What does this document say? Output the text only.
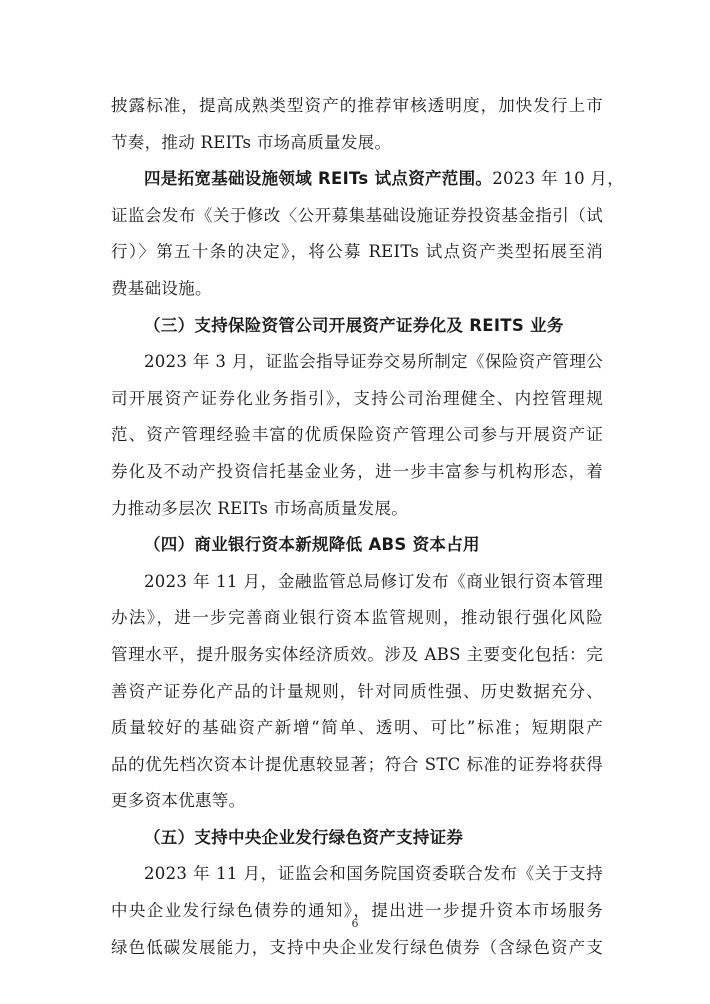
披露标准，提高成熟类型资产的推荐审核透明度，加快发行上市
节奏，推动 REITs 市场高质量发展。
四是拓宽基础设施领域 REITs 试点资产范围。2023 年 10 月，
证监会发布《关于修改〈公开募集基础设施证券投资基金指引（试
行）〉第五十条的决定》，将公募 REITs 试点资产类型拓展至消
费基础设施。
（三）支持保险资管公司开展资产证券化及 REITS 业务
2023 年 3 月，证监会指导证券交易所制定《保险资产管理公
司开展资产证券化业务指引》，支持公司治理健全、内控管理规
范、资产管理经验丰富的优质保险资产管理公司参与开展资产证
券化及不动产投资信托基金业务，进一步丰富参与机构形态，着
力推动多层次 REITs 市场高质量发展。
（四）商业银行资本新规降低 ABS 资本占用
2023 年 11 月，金融监管总局修订发布《商业银行资本管理
办法》，进一步完善商业银行资本监管规则，推动银行强化风险
管理水平，提升服务实体经济质效。涉及 ABS 主要变化包括：完
善资产证券化产品的计量规则，针对同质性强、历史数据充分、
质量较好的基础资产新增“简单、透明、可比”标准；短期限产
品的优先档次资本计提优惠较显著；符合 STC 标准的证券将获得
更多资本优惠等。
（五）支持中央企业发行绿色资产支持证券
2023 年 11 月，证监会和国务院国资委联合发布《关于支持
中央企业发行绿色债券的通知》，提出进一步提升资本市场服务
绿色低碳发展能力，支持中央企业发行绿色债券（含绿色资产支
6
